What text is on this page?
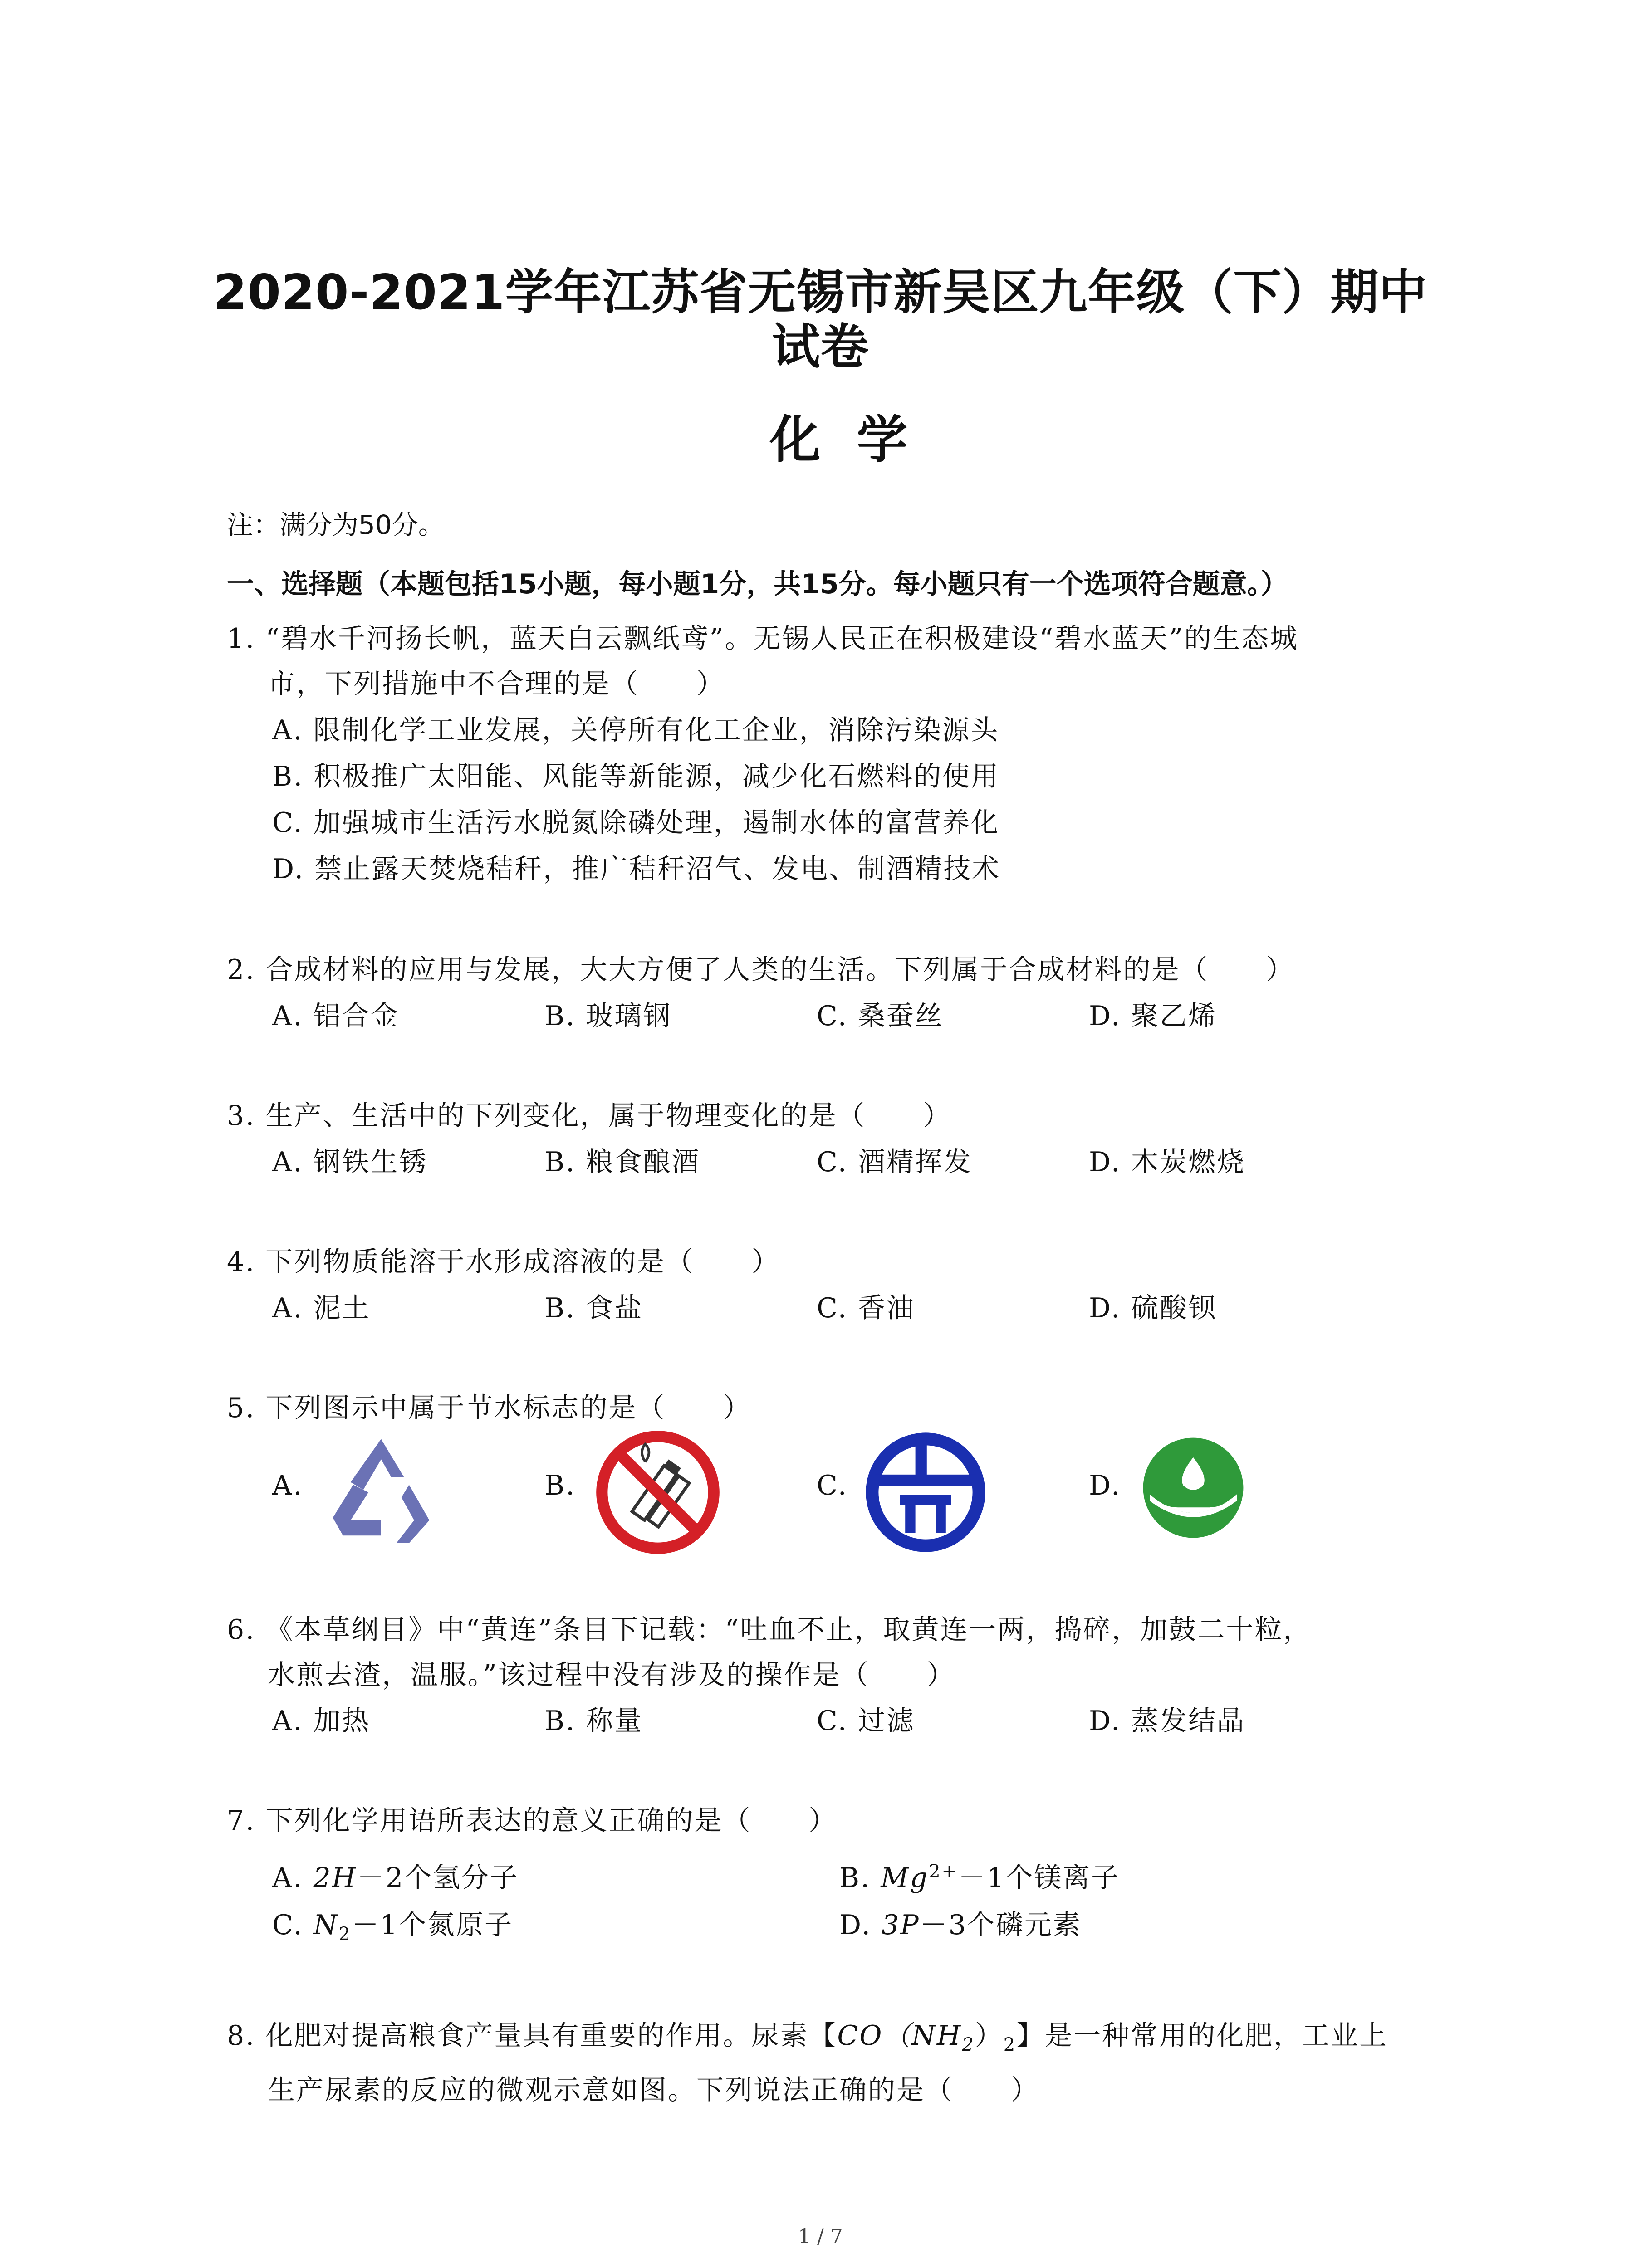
2020-2021学年江苏省无锡市新吴区九年级（下）期中
试卷
化学
注：满分为50分。
一、选择题（本题包括15小题，每小题1分，共15分。每小题只有一个选项符合题意。）
1. “碧水千河扬长帆，蓝天白云飘纸鸢”。无锡人民正在积极建设“碧水蓝天”的生态城
市，下列措施中不合理的是（　　）
A. 限制化学工业发展，关停所有化工企业，消除污染源头
B. 积极推广太阳能、风能等新能源，减少化石燃料的使用
C. 加强城市生活污水脱氮除磷处理，遏制水体的富营养化
D. 禁止露天焚烧秸秆，推广秸秆沼气、发电、制酒精技术
2. 合成材料的应用与发展，大大方便了人类的生活。下列属于合成材料的是（　　）
A. 铝合金	B. 玻璃钢	C. 桑蚕丝	D. 聚乙烯
3. 生产、生活中的下列变化，属于物理变化的是（　　）
A. 钢铁生锈	B. 粮食酿酒	C. 酒精挥发	D. 木炭燃烧
4. 下列物质能溶于水形成溶液的是（　　）
A. 泥土	B. 食盐	C. 香油	D. 硫酸钡
5. 下列图示中属于节水标志的是（　　）
A.	B.	C.	D.
6. 《本草纲目》中“黄连”条目下记载：“吐血不止，取黄连一两，捣碎，加鼓二十粒，
水煎去渣，温服。”该过程中没有涉及的操作是（　　）
A. 加热	B. 称量	C. 过滤	D. 蒸发结晶
7. 下列化学用语所表达的意义正确的是（　　）
A. 2H－2个氢分子	B. $Mg^{2+}-1$个镁离子
C. $N_2-1$个氮原子	D. 3P－3个磷元素
8. 化肥对提高粮食产量具有重要的作用。尿素【$CO(NH_2)_2$】是一种常用的化肥，工业上
生产尿素的反应的微观示意如图。下列说法正确的是（　　）
1 / 7
